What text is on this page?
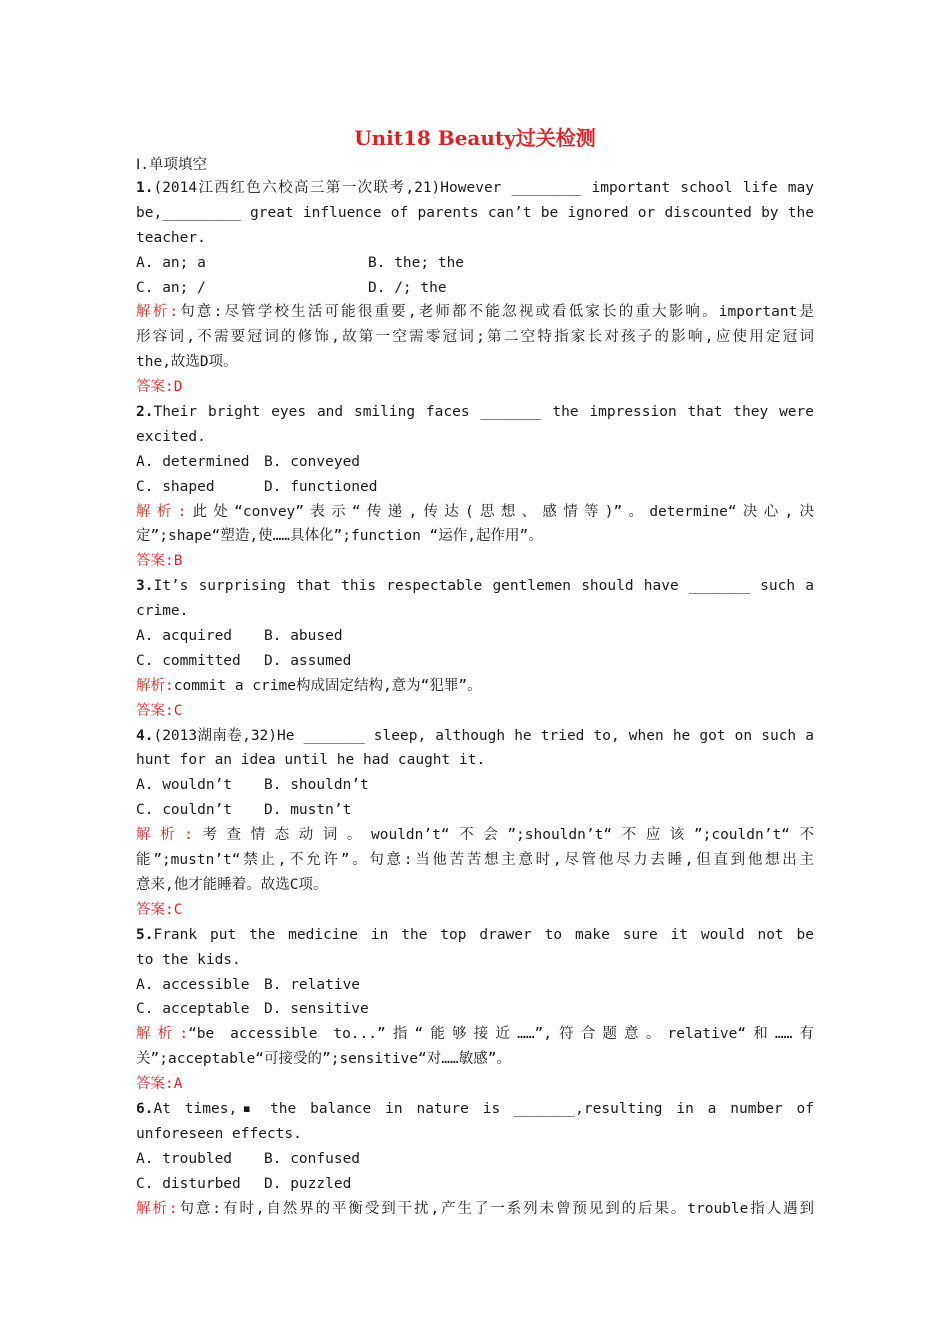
Unit18 Beauty过关检测
Ⅰ.单项填空
1.(2014江西红色六校高三第一次联考,21)However ________ important school life may
be,_________ great influence of parents can’t be ignored or discounted by the
teacher.
A. an; a	B. the; the
C. an; /	D. /; the
解析:句意:尽管学校生活可能很重要,老师都不能忽视或看低家长的重大影响。important是
形容词,不需要冠词的修饰,故第一空需零冠词;第二空特指家长对孩子的影响,应使用定冠词
the,故选D项。
答案:D
2.Their bright eyes and smiling faces _______ the impression that they were
excited.
A. determined B. conveyed
C. shaped	D. functioned
解析:此处“convey”表示“传递,传达(思想、感情等)”。determine“决心,决
定”;shape“塑造,使……具体化”;function “运作,起作用”。
答案:B
3.It’s surprising that this respectable gentlemen should have _______ such a
crime.
A. acquired B. abused
C. committed D. assumed
解析:commit a crime构成固定结构,意为“犯罪”。
答案:C
4.(2013湖南卷,32)He _______ sleep, although he tried to, when he got on such a
hunt for an idea until he had caught it.
A. wouldn’t B. shouldn’t
C. couldn’t D. mustn’t
解析:考查情态动词。wouldn’t“不会”;shouldn’t“不应该”;couldn’t“不
能”;mustn’t“禁止,不允许”。句意:当他苦苦想主意时,尽管他尽力去睡,但直到他想出主
意来,他才能睡着。故选C项。
答案:C
5.Frank put the medicine in the top drawer to make sure it would not be
to the kids.
A. accessible B. relative
C. acceptable D. sensitive
解析:“be accessible to...”指“能够接近……”,符合题意。relative“和……有
关”;acceptable“可接受的”;sensitive“对……敏感”。
答案:A
6.At times,▪ the balance in nature is _______,resulting in a number of
unforeseen effects.
A. troubled B. confused
C. disturbed D. puzzled
解析:句意:有时,自然界的平衡受到干扰,产生了一系列未曾预见到的后果。trouble指人遇到
